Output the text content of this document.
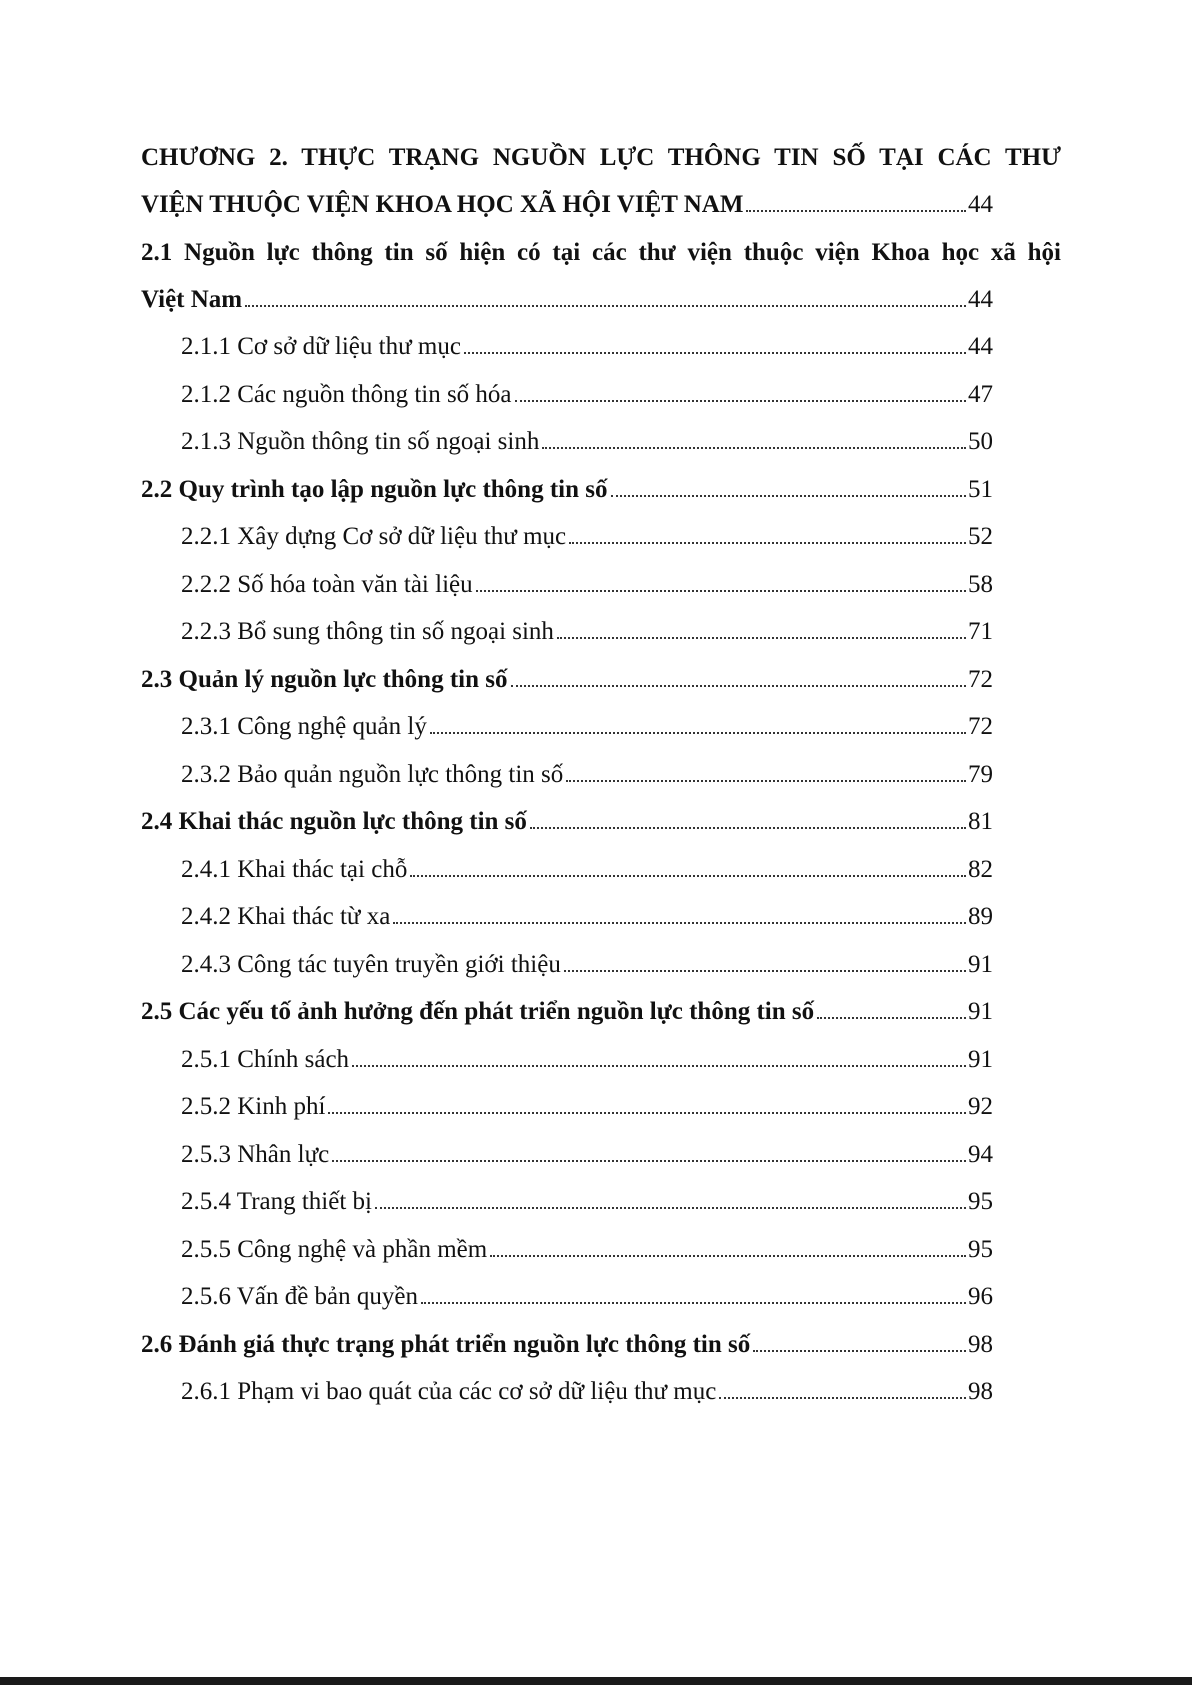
CHƯƠNG 2. THỰC TRẠNG NGUỒN LỰC THÔNG TIN SỐ TẠI CÁC THƯ
VIỆN THUỘC VIỆN KHOA HỌC XÃ HỘI VIỆT NAM	44
2.1 Nguồn lực thông tin số hiện có tại các thư viện thuộc viện Khoa học xã hội
Việt Nam	44
2.1.1 Cơ sở dữ liệu thư mục	44
2.1.2 Các nguồn thông tin số hóa	47
2.1.3 Nguồn thông tin số ngoại sinh	50
2.2 Quy trình tạo lập nguồn lực thông tin số	51
2.2.1 Xây dựng Cơ sở dữ liệu thư mục	52
2.2.2 Số hóa toàn văn tài liệu	58
2.2.3 Bổ sung thông tin số ngoại sinh	71
2.3 Quản lý nguồn lực thông tin số	72
2.3.1 Công nghệ quản lý	72
2.3.2 Bảo quản nguồn lực thông tin số	79
2.4 Khai thác nguồn lực thông tin số	81
2.4.1 Khai thác tại chỗ	82
2.4.2 Khai thác từ xa	89
2.4.3 Công tác tuyên truyền giới thiệu	91
2.5 Các yếu tố ảnh hưởng đến phát triển nguồn lực thông tin số	91
2.5.1 Chính sách	91
2.5.2 Kinh phí	92
2.5.3 Nhân lực	94
2.5.4 Trang thiết bị	95
2.5.5 Công nghệ và phần mềm	95
2.5.6 Vấn đề bản quyền	96
2.6 Đánh giá thực trạng phát triển nguồn lực thông tin số	98
2.6.1 Phạm vi bao quát của các cơ sở dữ liệu thư mục	98
